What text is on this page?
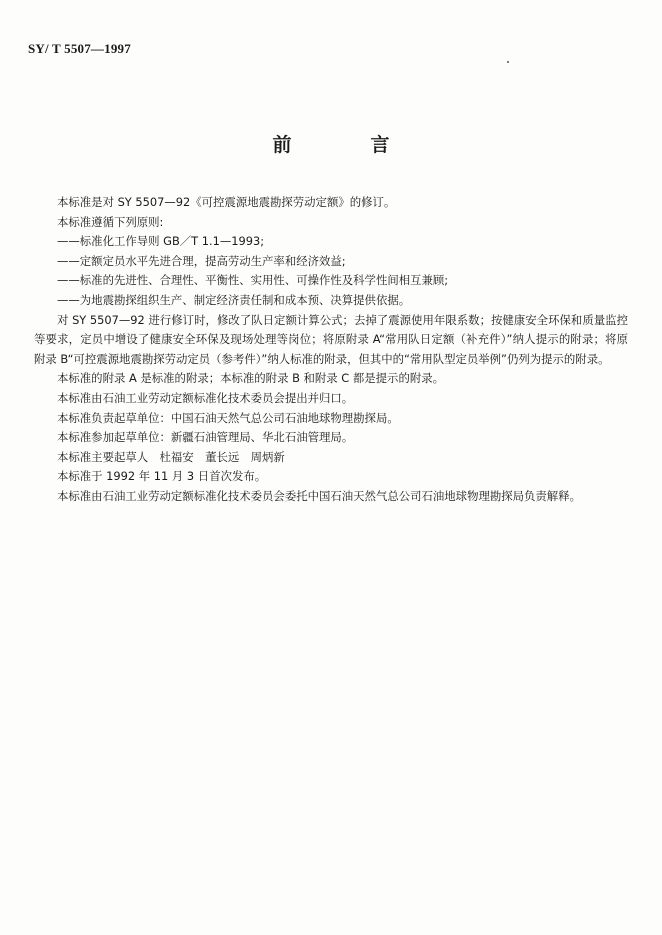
SY/ T 5507—1997
前　言

本标准是对 SY 5507—92《可控震源地震勘探劳动定额》的修订。

本标准遵循下列原则:

——标准化工作导则 GB／T 1.1—1993;

——定额定员水平先进合理，提高劳动生产率和经济效益;

——标准的先进性、合理性、平衡性、实用性、可操作性及科学性间相互兼顾;

——为地震勘探组织生产、制定经济责任制和成本预、决算提供依据。

对 SY 5507—92 进行修订时，修改了队日定额计算公式；去掉了震源使用年限系数；按健康安全环保和质量监控等要求，定员中增设了健康安全环保及现场处理等岗位；将原附录 A“常用队日定额（补充件）”纳人提示的附录；将原附录 B“可控震源地震勘探劳动定员（参考件）”纳人标准的附录，但其中的“常用队型定员举例”仍列为提示的附录。

本标准的附录 A 是标准的附录；本标准的附录 B 和附录 C 都是提示的附录。

本标准由石油工业劳动定额标准化技术委员会提出并归口。

本标准负责起草单位：中国石油天然气总公司石油地球物理勘探局。

本标准参加起草单位：新疆石油管理局、华北石油管理局。

本标准主要起草人　杜福安　董长远　周炳新

本标准于 1992 年 11 月 3 日首次发布。

本标准由石油工业劳动定额标准化技术委员会委托中国石油天然气总公司石油地球物理勘探局负责解释。
